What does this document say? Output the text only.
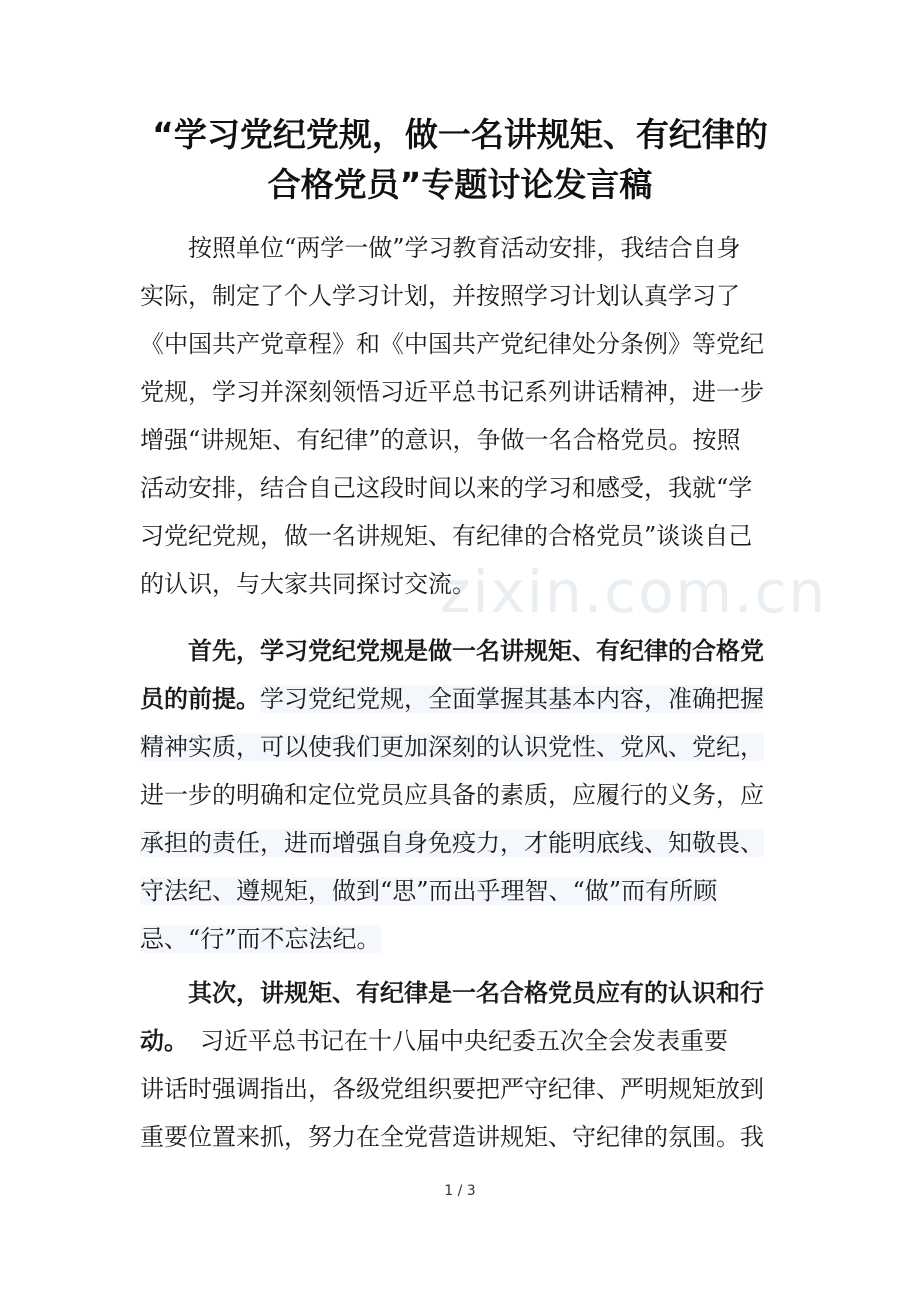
zixin.com.cn
“学习党纪党规，做一名讲规矩、有纪律的
合格党员”专题讨论发言稿
　　按照单位“两学一做”学习教育活动安排，我结合自身
实际，制定了个人学习计划，并按照学习计划认真学习了
《中国共产党章程》和《中国共产党纪律处分条例》等党纪
党规，学习并深刻领悟习近平总书记系列讲话精神，进一步
增强“讲规矩、有纪律”的意识，争做一名合格党员。按照
活动安排，结合自己这段时间以来的学习和感受，我就“学
习党纪党规，做一名讲规矩、有纪律的合格党员”谈谈自己
的认识，与大家共同探讨交流。
　　首先，学习党纪党规是做一名讲规矩、有纪律的合格党
员的前提。学习党纪党规，全面掌握其基本内容，准确把握
精神实质，可以使我们更加深刻的认识党性、党风、党纪，
进一步的明确和定位党员应具备的素质，应履行的义务，应
承担的责任，进而增强自身免疫力，才能明底线、知敬畏、
守法纪、遵规矩，做到“思”而出乎理智、“做”而有所顾
忌、“行”而不忘法纪。
　　其次，讲规矩、有纪律是一名合格党员应有的认识和行
动。　习近平总书记在十八届中央纪委五次全会发表重要
讲话时强调指出，各级党组织要把严守纪律、严明规矩放到
重要位置来抓，努力在全党营造讲规矩、守纪律的氛围。我
1 / 3
